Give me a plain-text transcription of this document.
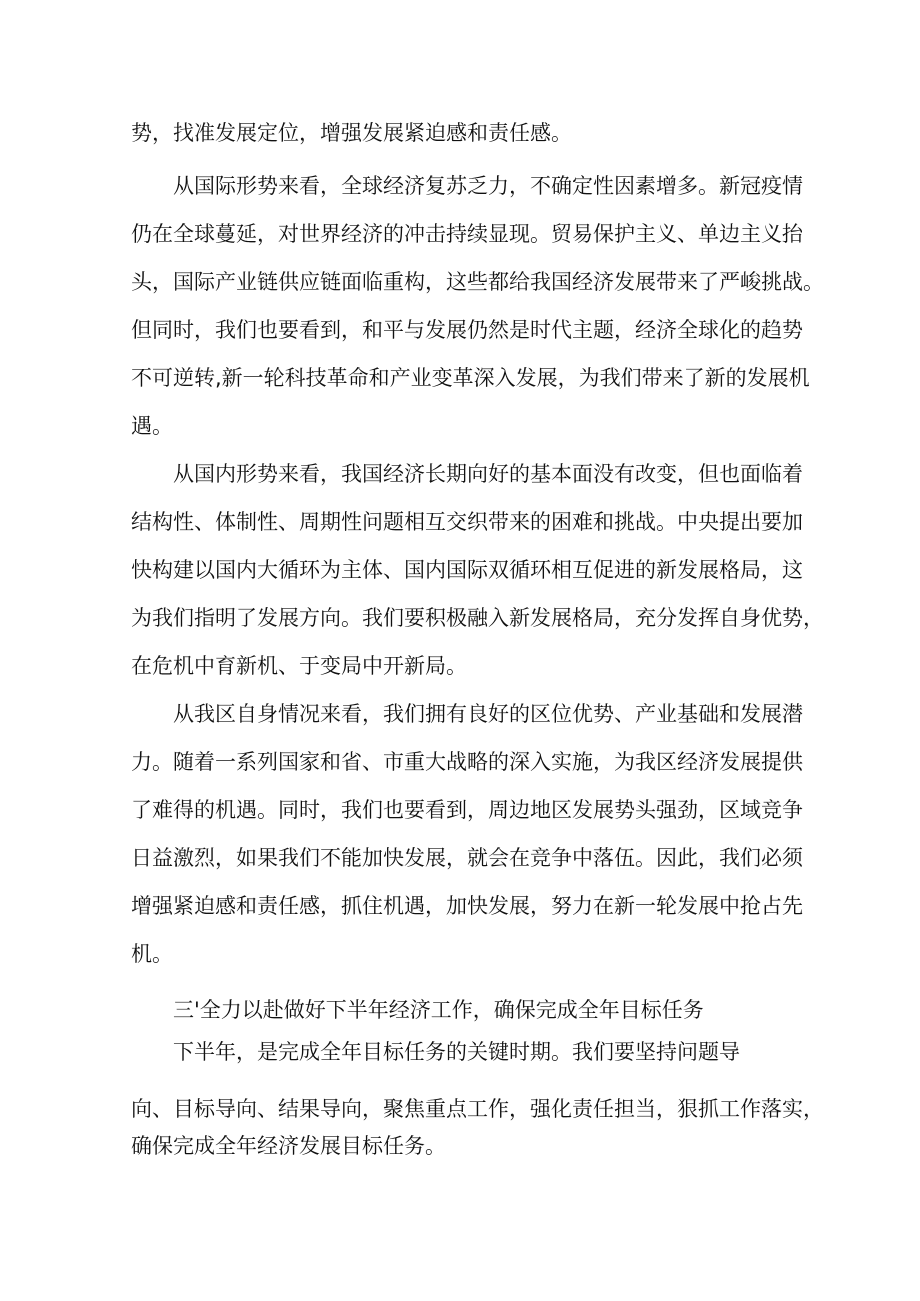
势，找准发展定位，增强发展紧迫感和责任感。
从国际形势来看，全球经济复苏乏力，不确定性因素增多。新冠疫情
仍在全球蔓延，对世界经济的冲击持续显现。贸易保护主义、单边主义抬
头，国际产业链供应链面临重构，这些都给我国经济发展带来了严峻挑战。
但同时，我们也要看到，和平与发展仍然是时代主题，经济全球化的趋势
不可逆转,新一轮科技革命和产业变革深入发展，为我们带来了新的发展机
遇。
从国内形势来看，我国经济长期向好的基本面没有改变，但也面临着
结构性、体制性、周期性问题相互交织带来的困难和挑战。中央提出要加
快构建以国内大循环为主体、国内国际双循环相互促进的新发展格局，这
为我们指明了发展方向。我们要积极融入新发展格局，充分发挥自身优势，
在危机中育新机、于变局中开新局。
从我区自身情况来看，我们拥有良好的区位优势、产业基础和发展潜
力。随着一系列国家和省、市重大战略的深入实施，为我区经济发展提供
了难得的机遇。同时，我们也要看到，周边地区发展势头强劲，区域竞争
日益激烈，如果我们不能加快发展，就会在竞争中落伍。因此，我们必须
增强紧迫感和责任感，抓住机遇，加快发展，努力在新一轮发展中抢占先
机。
三'全力以赴做好下半年经济工作，确保完成全年目标任务
下半年，是完成全年目标任务的关键时期。我们要坚持问题导
向、目标导向、结果导向，聚焦重点工作，强化责任担当，狠抓工作落实，
确保完成全年经济发展目标任务。
